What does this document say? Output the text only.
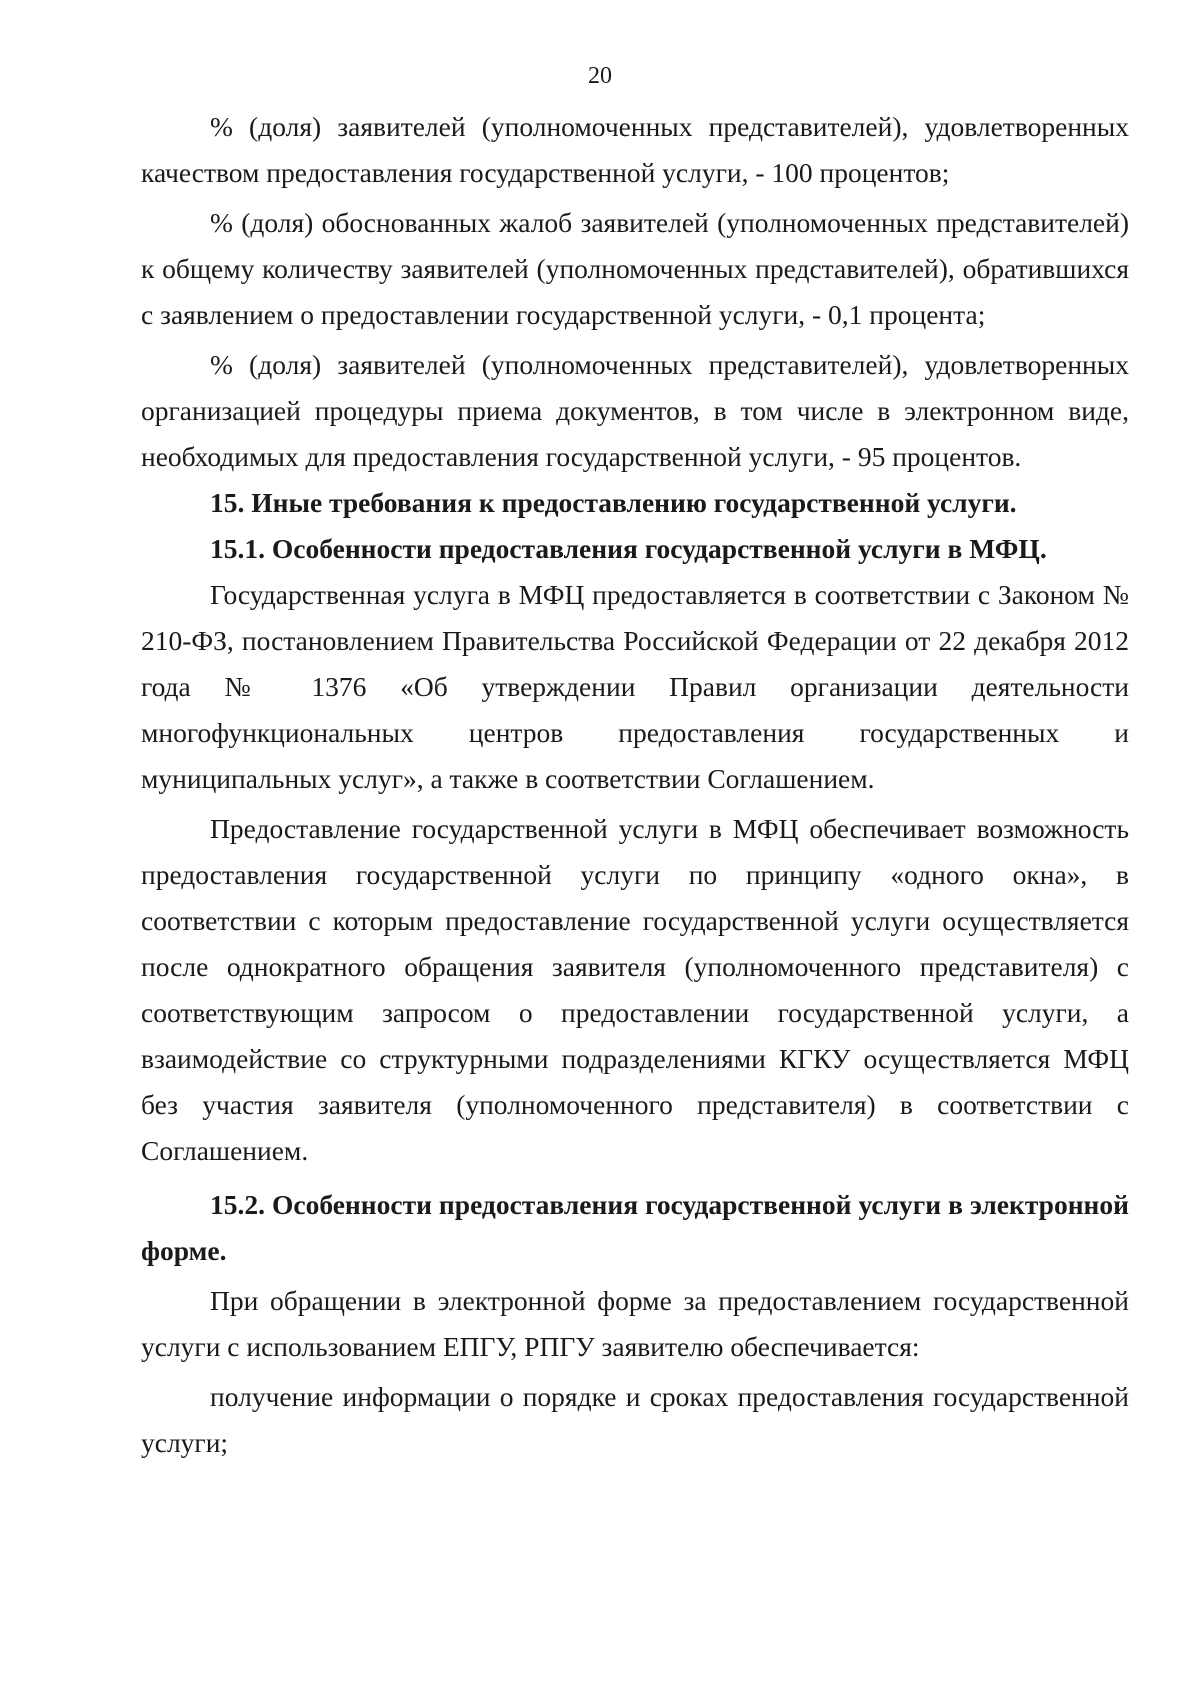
20

% (доля) заявителей (уполномоченных представителей), удовлетворенных качеством предоставления государственной услуги, - 100 процентов;

% (доля) обоснованных жалоб заявителей (уполномоченных представителей) к общему количеству заявителей (уполномоченных представителей), обратившихся с заявлением о предоставлении государственной услуги, - 0,1 процента;

% (доля) заявителей (уполномоченных представителей), удовлетворенных организацией процедуры приема документов, в том числе в электронном виде, необходимых для предоставления государственной услуги, - 95 процентов.

15. Иные требования к предоставлению государственной услуги.

15.1. Особенности предоставления государственной услуги в МФЦ.

Государственная услуга в МФЦ предоставляется в соответствии с Законом № 210-ФЗ, постановлением Правительства Российской Федерации от 22 декабря 2012 года № 1376 «Об утверждении Правил организации деятельности многофункциональных центров предоставления государственных и муниципальных услуг», а также в соответствии Соглашением.

Предоставление государственной услуги в МФЦ обеспечивает возможность предоставления государственной услуги по принципу «одного окна», в соответствии с которым предоставление государственной услуги осуществляется после однократного обращения заявителя (уполномоченного представителя) с соответствующим запросом о предоставлении государственной услуги, а взаимодействие со структурными подразделениями КГКУ осуществляется МФЦ без участия заявителя (уполномоченного представителя) в соответствии с Соглашением.

15.2. Особенности предоставления государственной услуги в электронной форме.

При обращении в электронной форме за предоставлением государственной услуги с использованием ЕПГУ, РПГУ заявителю обеспечивается:

получение информации о порядке и сроках предоставления государственной услуги;
